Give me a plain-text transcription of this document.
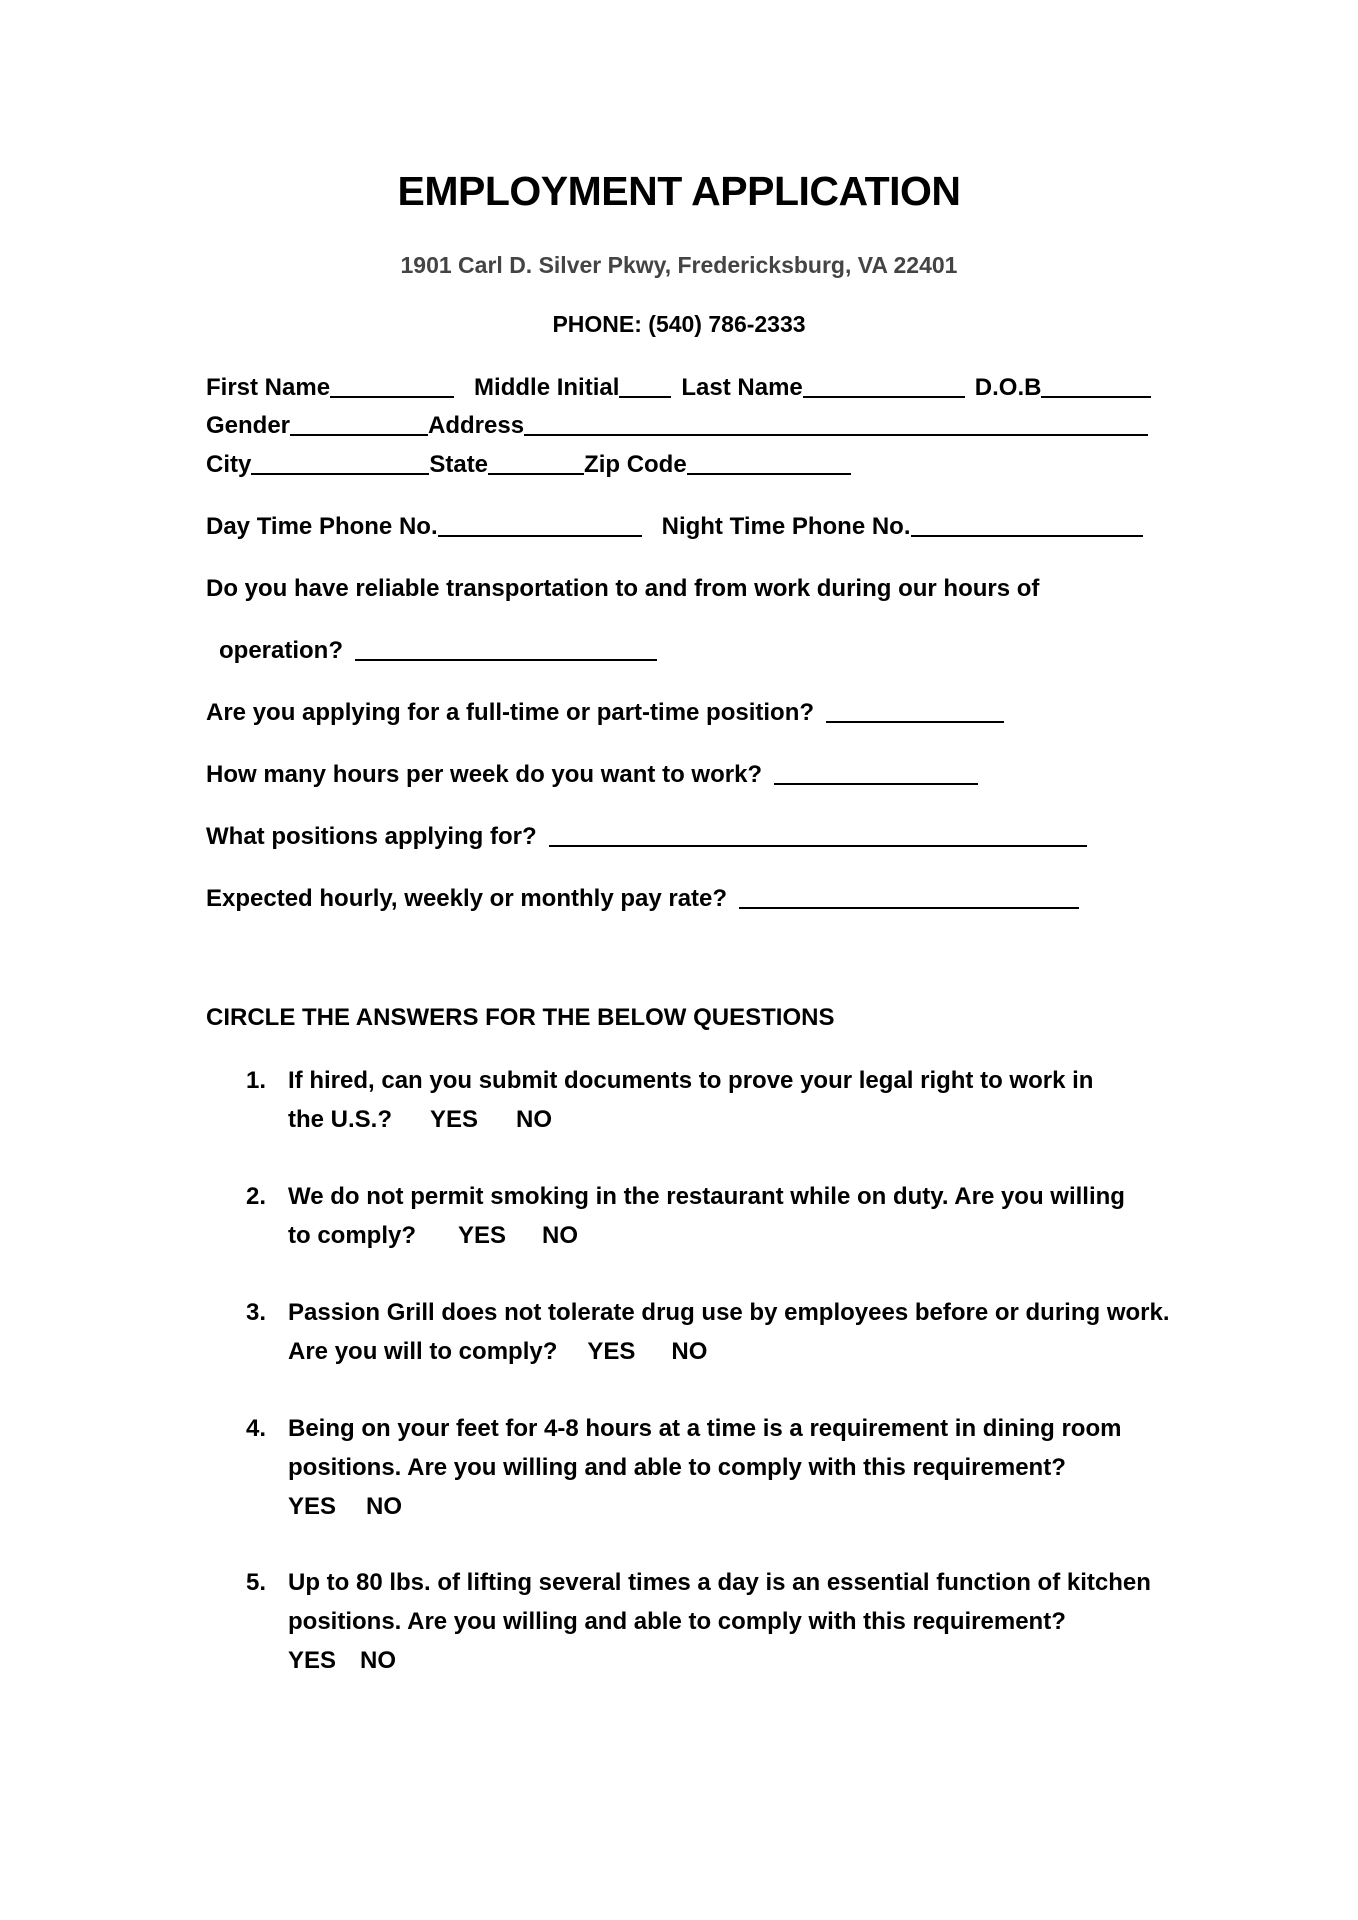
EMPLOYMENT APPLICATION
1901 Carl D. Silver Pkwy, Fredericksburg, VA 22401
PHONE: (540) 786-2333
First Name	Middle Initial	Last Name	D.O.B
Gender	Address
City	State	Zip Code
Day Time Phone No.	Night Time Phone No.
Do you have reliable transportation to and from work during our hours of
operation?
Are you applying for a full-time or part-time position?
How many hours per week do you want to work?
What positions applying for?
Expected hourly, weekly or monthly pay rate?
CIRCLE THE ANSWERS FOR THE BELOW QUESTIONS
1. If hired, can you submit documents to prove your legal right to work in
the U.S.? YES NO
2. We do not permit smoking in the restaurant while on duty. Are you willing
to comply? YES NO
3. Passion Grill does not tolerate drug use by employees before or during work.
Are you will to comply? YES NO
4. Being on your feet for 4-8 hours at a time is a requirement in dining room
positions. Are you willing and able to comply with this requirement?
YES NO
5. Up to 80 lbs. of lifting several times a day is an essential function of kitchen
positions. Are you willing and able to comply with this requirement?
YES NO
